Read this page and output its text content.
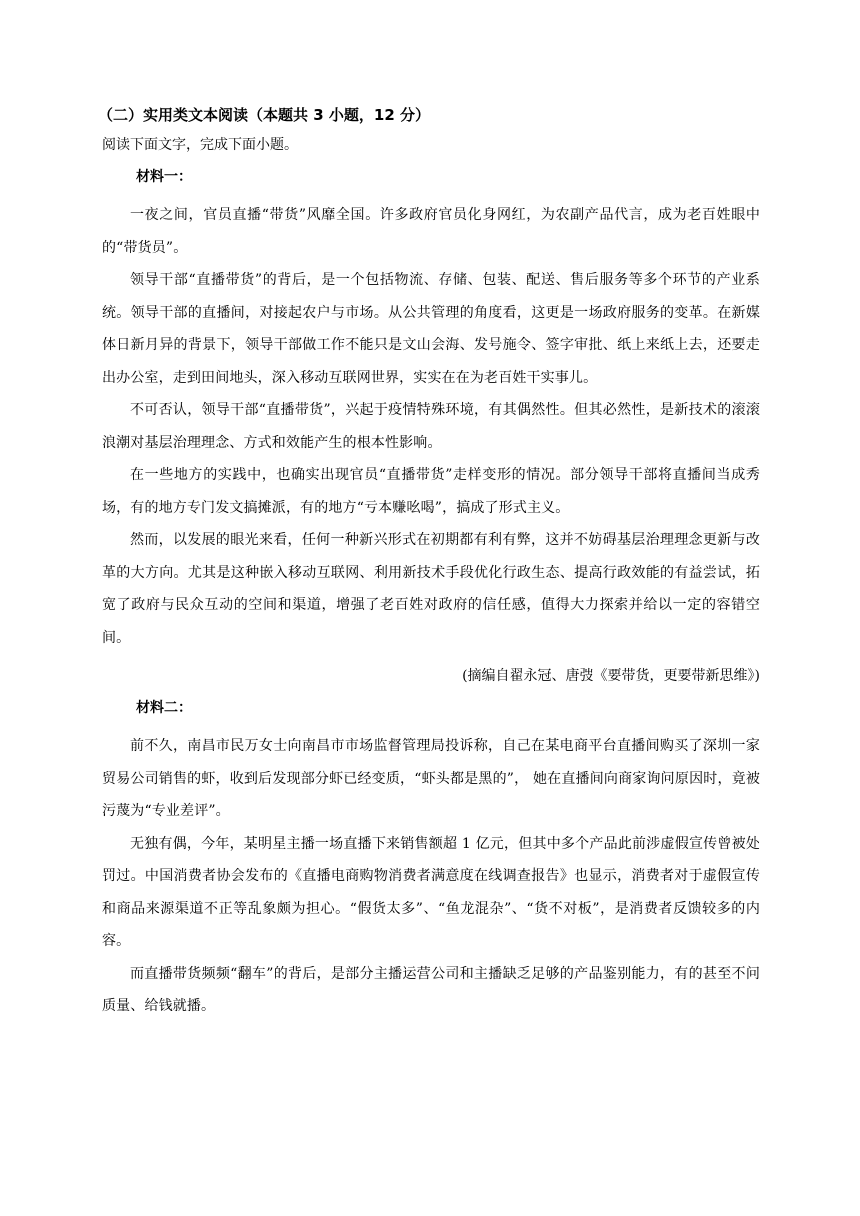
（二）实用类文本阅读（本题共 3 小题，12 分）
阅读下面文字，完成下面小题。
材料一：

一夜之间，官员直播“带货”风靡全国。许多政府官员化身网红，为农副产品代言，成为老百姓眼中的“带货员”。

领导干部“直播带货”的背后，是一个包括物流、存储、包装、配送、售后服务等多个环节的产业系统。领导干部的直播间，对接起农户与市场。从公共管理的角度看，这更是一场政府服务的变革。在新媒体日新月异的背景下，领导干部做工作不能只是文山会海、发号施令、签字审批、纸上来纸上去，还要走出办公室，走到田间地头，深入移动互联网世界，实实在在为老百姓干实事儿。

不可否认，领导干部“直播带货”，兴起于疫情特殊环境，有其偶然性。但其必然性，是新技术的滚滚浪潮对基层治理理念、方式和效能产生的根本性影响。

在一些地方的实践中，也确实出现官员“直播带货”走样变形的情况。部分领导干部将直播间当成秀场，有的地方专门发文搞摊派，有的地方“亏本赚吆喝”，搞成了形式主义。

然而，以发展的眼光来看，任何一种新兴形式在初期都有利有弊，这并不妨碍基层治理理念更新与改革的大方向。尤其是这种嵌入移动互联网、利用新技术手段优化行政生态、提高行政效能的有益尝试，拓宽了政府与民众互动的空间和渠道，增强了老百姓对政府的信任感，值得大力探索并给以一定的容错空间。

(摘编自翟永冠、唐弢《要带货，更要带新思维》)
材料二：

前不久，南昌市民万女士向南昌市市场监督管理局投诉称，自己在某电商平台直播间购买了深圳一家贸易公司销售的虾，收到后发现部分虾已经变质，“虾头都是黑的”， 她在直播间向商家询问原因时，竟被污蔑为“专业差评”。

无独有偶，今年，某明星主播一场直播下来销售额超 1 亿元，但其中多个产品此前涉虚假宣传曾被处罚过。中国消费者协会发布的《直播电商购物消费者满意度在线调查报告》也显示，消费者对于虚假宣传和商品来源渠道不正等乱象颇为担心。“假货太多”、“鱼龙混杂”、“货不对板”，是消费者反馈较多的内容。

而直播带货频频“翻车”的背后，是部分主播运营公司和主播缺乏足够的产品鉴别能力，有的甚至不问质量、给钱就播。
